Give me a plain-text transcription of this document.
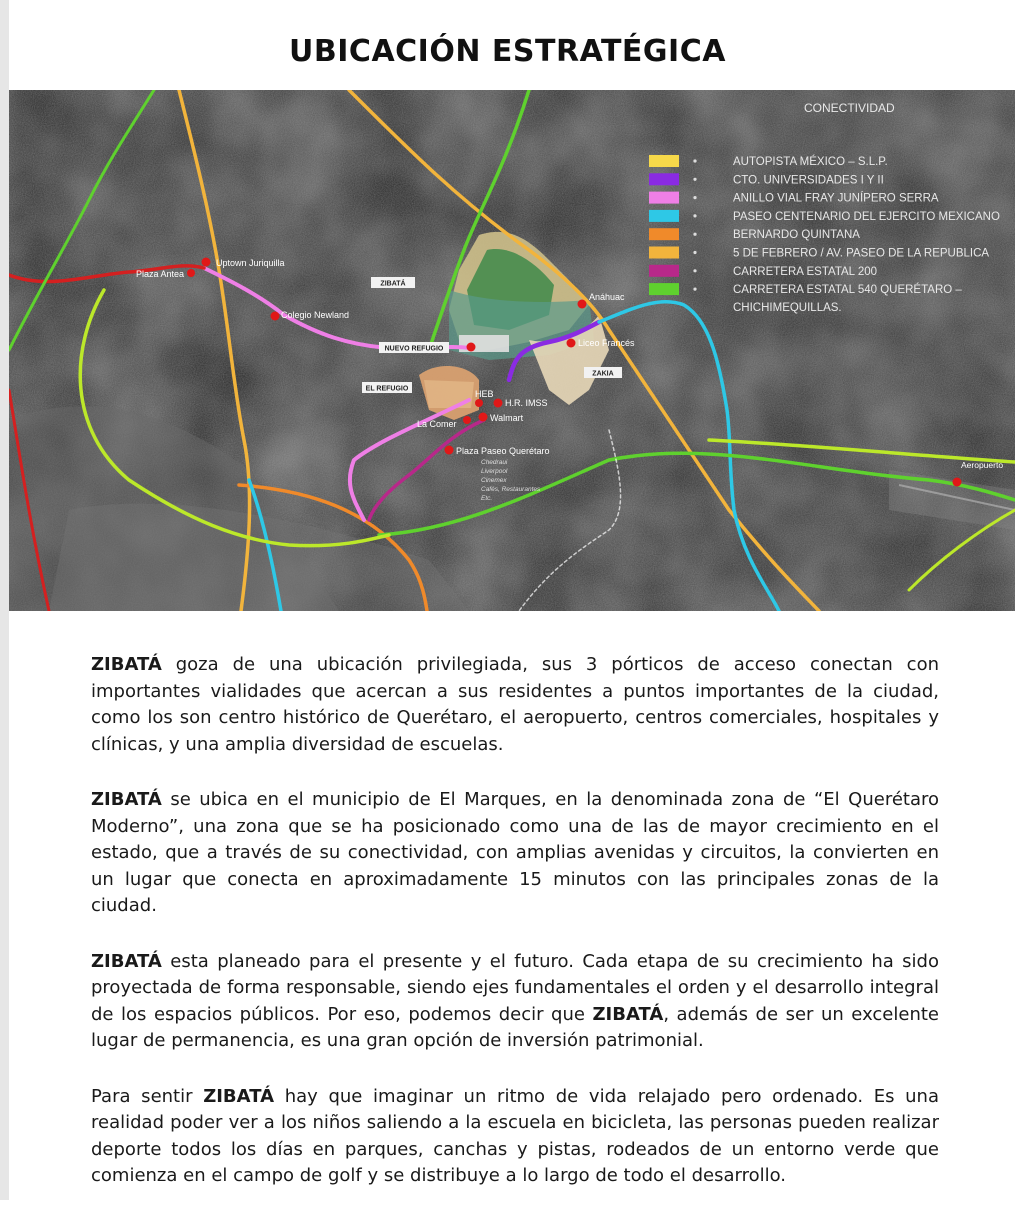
UBICACIÓN ESTRATÉGICA
CONECTIVIDAD
AUTOPISTA MÉXICO – S.L.P.
CTO. UNIVERSIDADES I Y II
ANILLO VIAL FRAY JUNÍPERO SERRA
PASEO CENTENARIO DEL EJERCITO MEXICANO
BERNARDO QUINTANA
5 DE FEBRERO / AV. PASEO DE LA REPUBLICA
CARRETERA ESTATAL 200
CARRETERA ESTATAL 540 QUERÉTARO –
CHICHIMEQUILLAS.
ZIBATÁ
NUEVO REFUGIO
EL REFUGIO
ZAKIA
Uptown Juriquilla
Plaza Antea
Colegio Newland
Anáhuac
Liceo Francés
HEB
H.R. IMSS
Walmart
La Comer
Plaza Paseo Querétaro
Chedraui
Liverpool
Cinemex
Cafés, Restaurantes
Etc.
Aeropuerto

ZIBATÁ goza de una ubicación privilegiada, sus 3 pórticos de acceso conectan con importantes vialidades que acercan a sus residentes a puntos importantes de la ciudad, como los son centro histórico de Querétaro, el aeropuerto, centros comerciales, hospitales y clínicas, y una amplia diversidad de escuelas.

ZIBATÁ se ubica en el municipio de El Marques, en la denominada zona de “El Querétaro Moderno”, una zona que se ha posicionado como una de las de mayor crecimiento en el estado, que a través de su conectividad, con amplias avenidas y circuitos, la convierten en un lugar que conecta en aproximadamente 15 minutos con las principales zonas de la ciudad.

ZIBATÁ esta planeado para el presente y el futuro. Cada etapa de su crecimiento ha sido proyectada de forma responsable, siendo ejes fundamentales el orden y el desarrollo integral de los espacios públicos. Por eso, podemos decir que ZIBATÁ, además de ser un excelente lugar de permanencia, es una gran opción de inversión patrimonial.

Para sentir ZIBATÁ hay que imaginar un ritmo de vida relajado pero ordenado. Es una realidad poder ver a los niños saliendo a la escuela en bicicleta, las personas pueden realizar deporte todos los días en parques, canchas y pistas, rodeados de un entorno verde que comienza en el campo de golf y se distribuye a lo largo de todo el desarrollo.
